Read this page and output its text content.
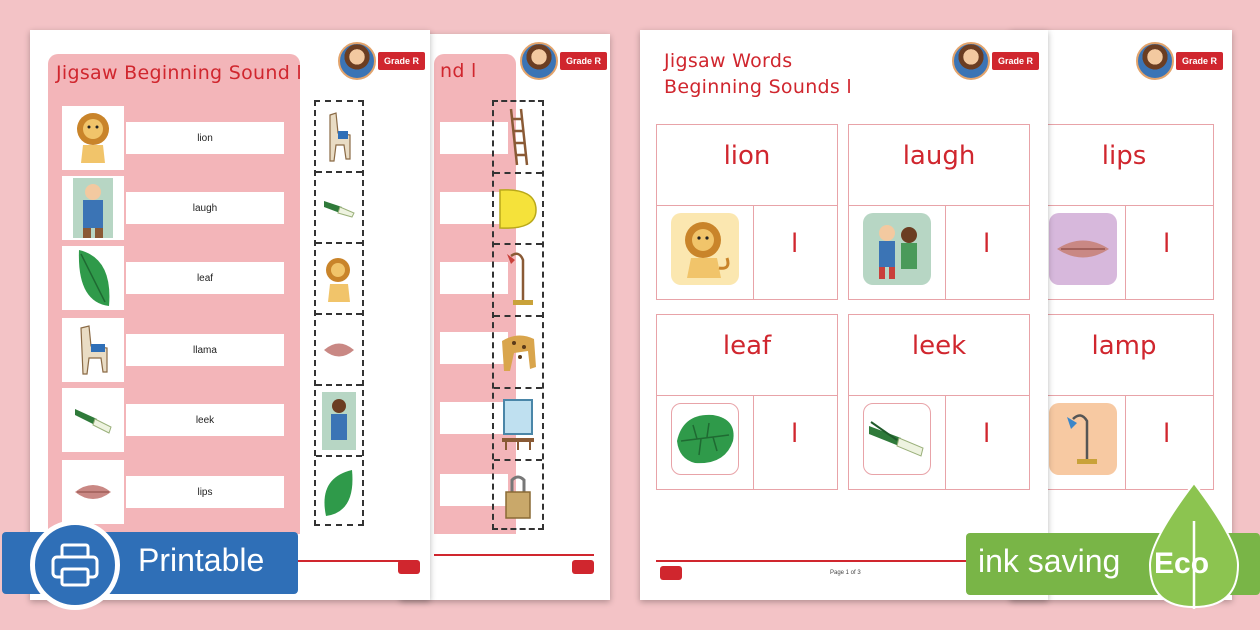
nd l	Grade R
Jigsaw Beginning Sound l
Grade R
lion
laugh
leaf
llama
leek
lips
Grade R
lips
l
lamp
l
Jigsaw Words
Beginning Sounds l
Grade R
lion
l
laugh
l
leaf
l
leek
l
Page 1 of 3
Printable	ink saving Eco
